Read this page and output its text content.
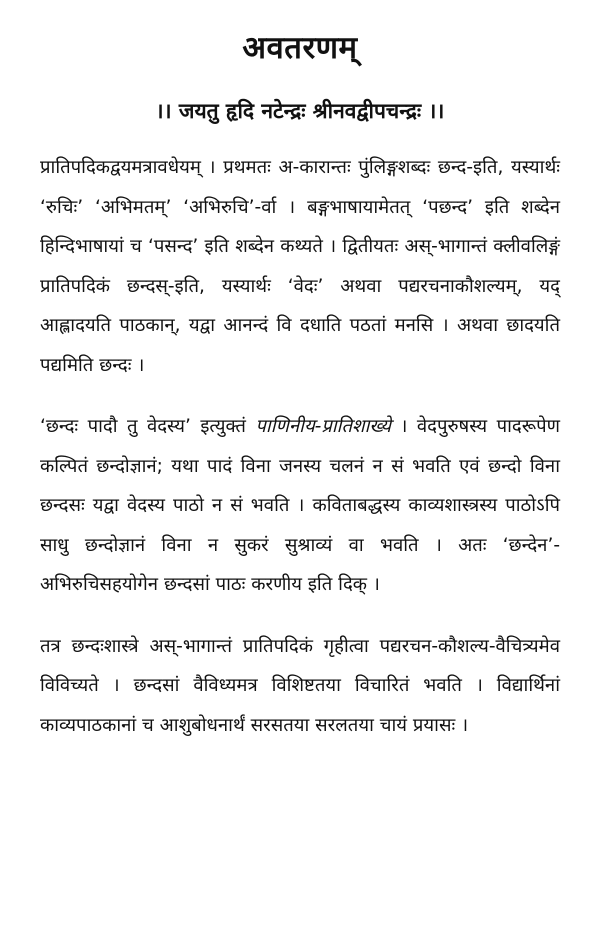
अवतरणम्
।। जयतु हृदि नटेन्द्रः श्रीनवद्वीपचन्द्रः ।।

प्रातिपदिकद्वयमत्रावधेयम् । प्रथमतः अ-कारान्तः पुंलिङ्गशब्दः छन्द-इति, यस्यार्थः ‘रुचिः’ ‘अभिमतम्’ ‘अभिरुचि’-र्वा । बङ्गभाषायामेतत् ‘पछन्द’ इति शब्देन हिन्दिभाषायां च ‘पसन्द’ इति शब्देन कथ्यते । द्वितीयतः अस्-भागान्तं क्लीवलिङ्गं प्रातिपदिकं छन्दस्-इति, यस्यार्थः ‘वेदः’ अथवा पद्यरचनाकौशल्यम्, यद् आह्लादयति पाठकान्, यद्वा आनन्दं वि दधाति पठतां मनसि । अथवा छादयति पद्यमिति छन्दः ।

‘छन्दः पादौ तु वेदस्य’ इत्युक्तं पाणिनीय-प्रातिशाख्ये । वेदपुरुषस्य पादरूपेण कल्पितं छन्दोज्ञानं; यथा पादं विना जनस्य चलनं न सं भवति एवं छन्दो विना छन्दसः यद्वा वेदस्य पाठो न सं भवति । कविताबद्धस्य काव्यशास्त्रस्य पाठोऽपि साधु छन्दोज्ञानं विना न सुकरं सुश्राव्यं वा भवति । अतः ‘छन्देन’- अभिरुचिसहयोगेन छन्दसां पाठः करणीय इति दिक् ।

तत्र छन्दःशास्त्रे अस्-भागान्तं प्रातिपदिकं गृहीत्वा पद्यरचन-कौशल्य-वैचित्र्यमेव विविच्यते । छन्दसां वैविध्यमत्र विशिष्टतया विचारितं भवति । विद्यार्थिनां काव्यपाठकानां च आशुबोधनार्थं सरसतया सरलतया चायं प्रयासः ।
